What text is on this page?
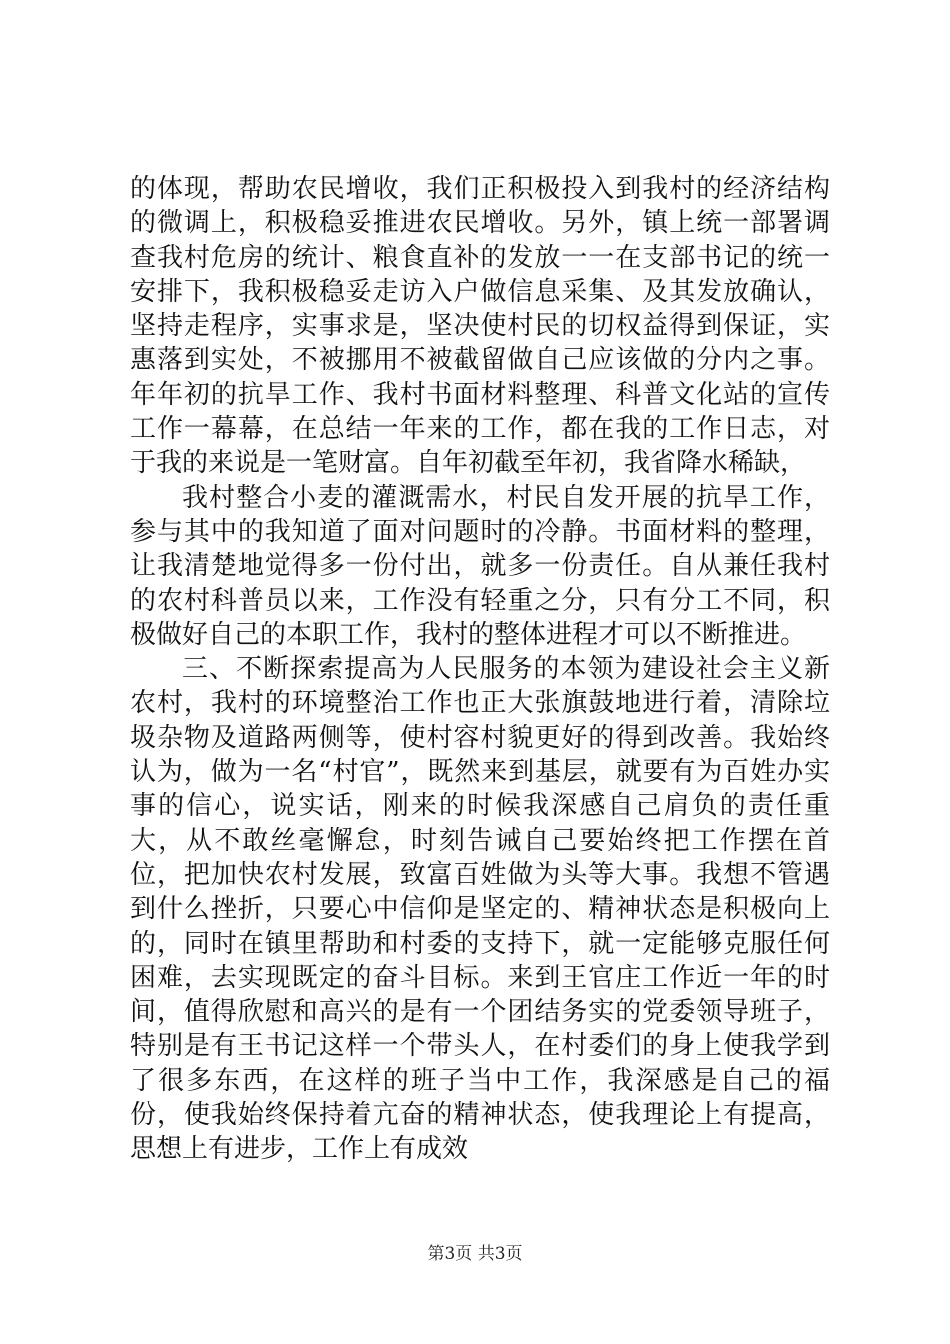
的体现，帮助农民增收，我们正积极投入到我村的经济结构的微调上，积极稳妥推进农民增收。另外，镇上统一部署调查我村危房的统计、粮食直补的发放一一在支部书记的统一安排下，我积极稳妥走访入户做信息采集、及其发放确认，坚持走程序，实事求是，坚决使村民的切权益得到保证，实惠落到实处，不被挪用不被截留做自己应该做的分内之事。年年初的抗旱工作、我村书面材料整理、科普文化站的宣传工作一幕幕，在总结一年来的工作，都在我的工作日志，对于我的来说是一笔财富。自年初截至年初，我省降水稀缺，

我村整合小麦的灌溉需水，村民自发开展的抗旱工作，参与其中的我知道了面对问题时的冷静。书面材料的整理，让我清楚地觉得多一份付出，就多一份责任。自从兼任我村的农村科普员以来，工作没有轻重之分，只有分工不同，积极做好自己的本职工作，我村的整体进程才可以不断推进。

三、不断探索提高为人民服务的本领为建设社会主义新农村，我村的环境整治工作也正大张旗鼓地进行着，清除垃圾杂物及道路两侧等，使村容村貌更好的得到改善。我始终认为，做为一名“村官”，既然来到基层，就要有为百姓办实事的信心，说实话，刚来的时候我深感自己肩负的责任重大，从不敢丝毫懈怠，时刻告诫自己要始终把工作摆在首位，把加快农村发展，致富百姓做为头等大事。我想不管遇到什么挫折，只要心中信仰是坚定的、精神状态是积极向上的，同时在镇里帮助和村委的支持下，就一定能够克服任何困难，去实现既定的奋斗目标。来到王官庄工作近一年的时间，值得欣慰和高兴的是有一个团结务实的党委领导班子，特别是有王书记这样一个带头人，在村委们的身上使我学到了很多东西，在这样的班子当中工作，我深感是自己的福份，使我始终保持着亢奋的精神状态，使我理论上有提高，思想上有进步，工作上有成效

第3页 共3页
